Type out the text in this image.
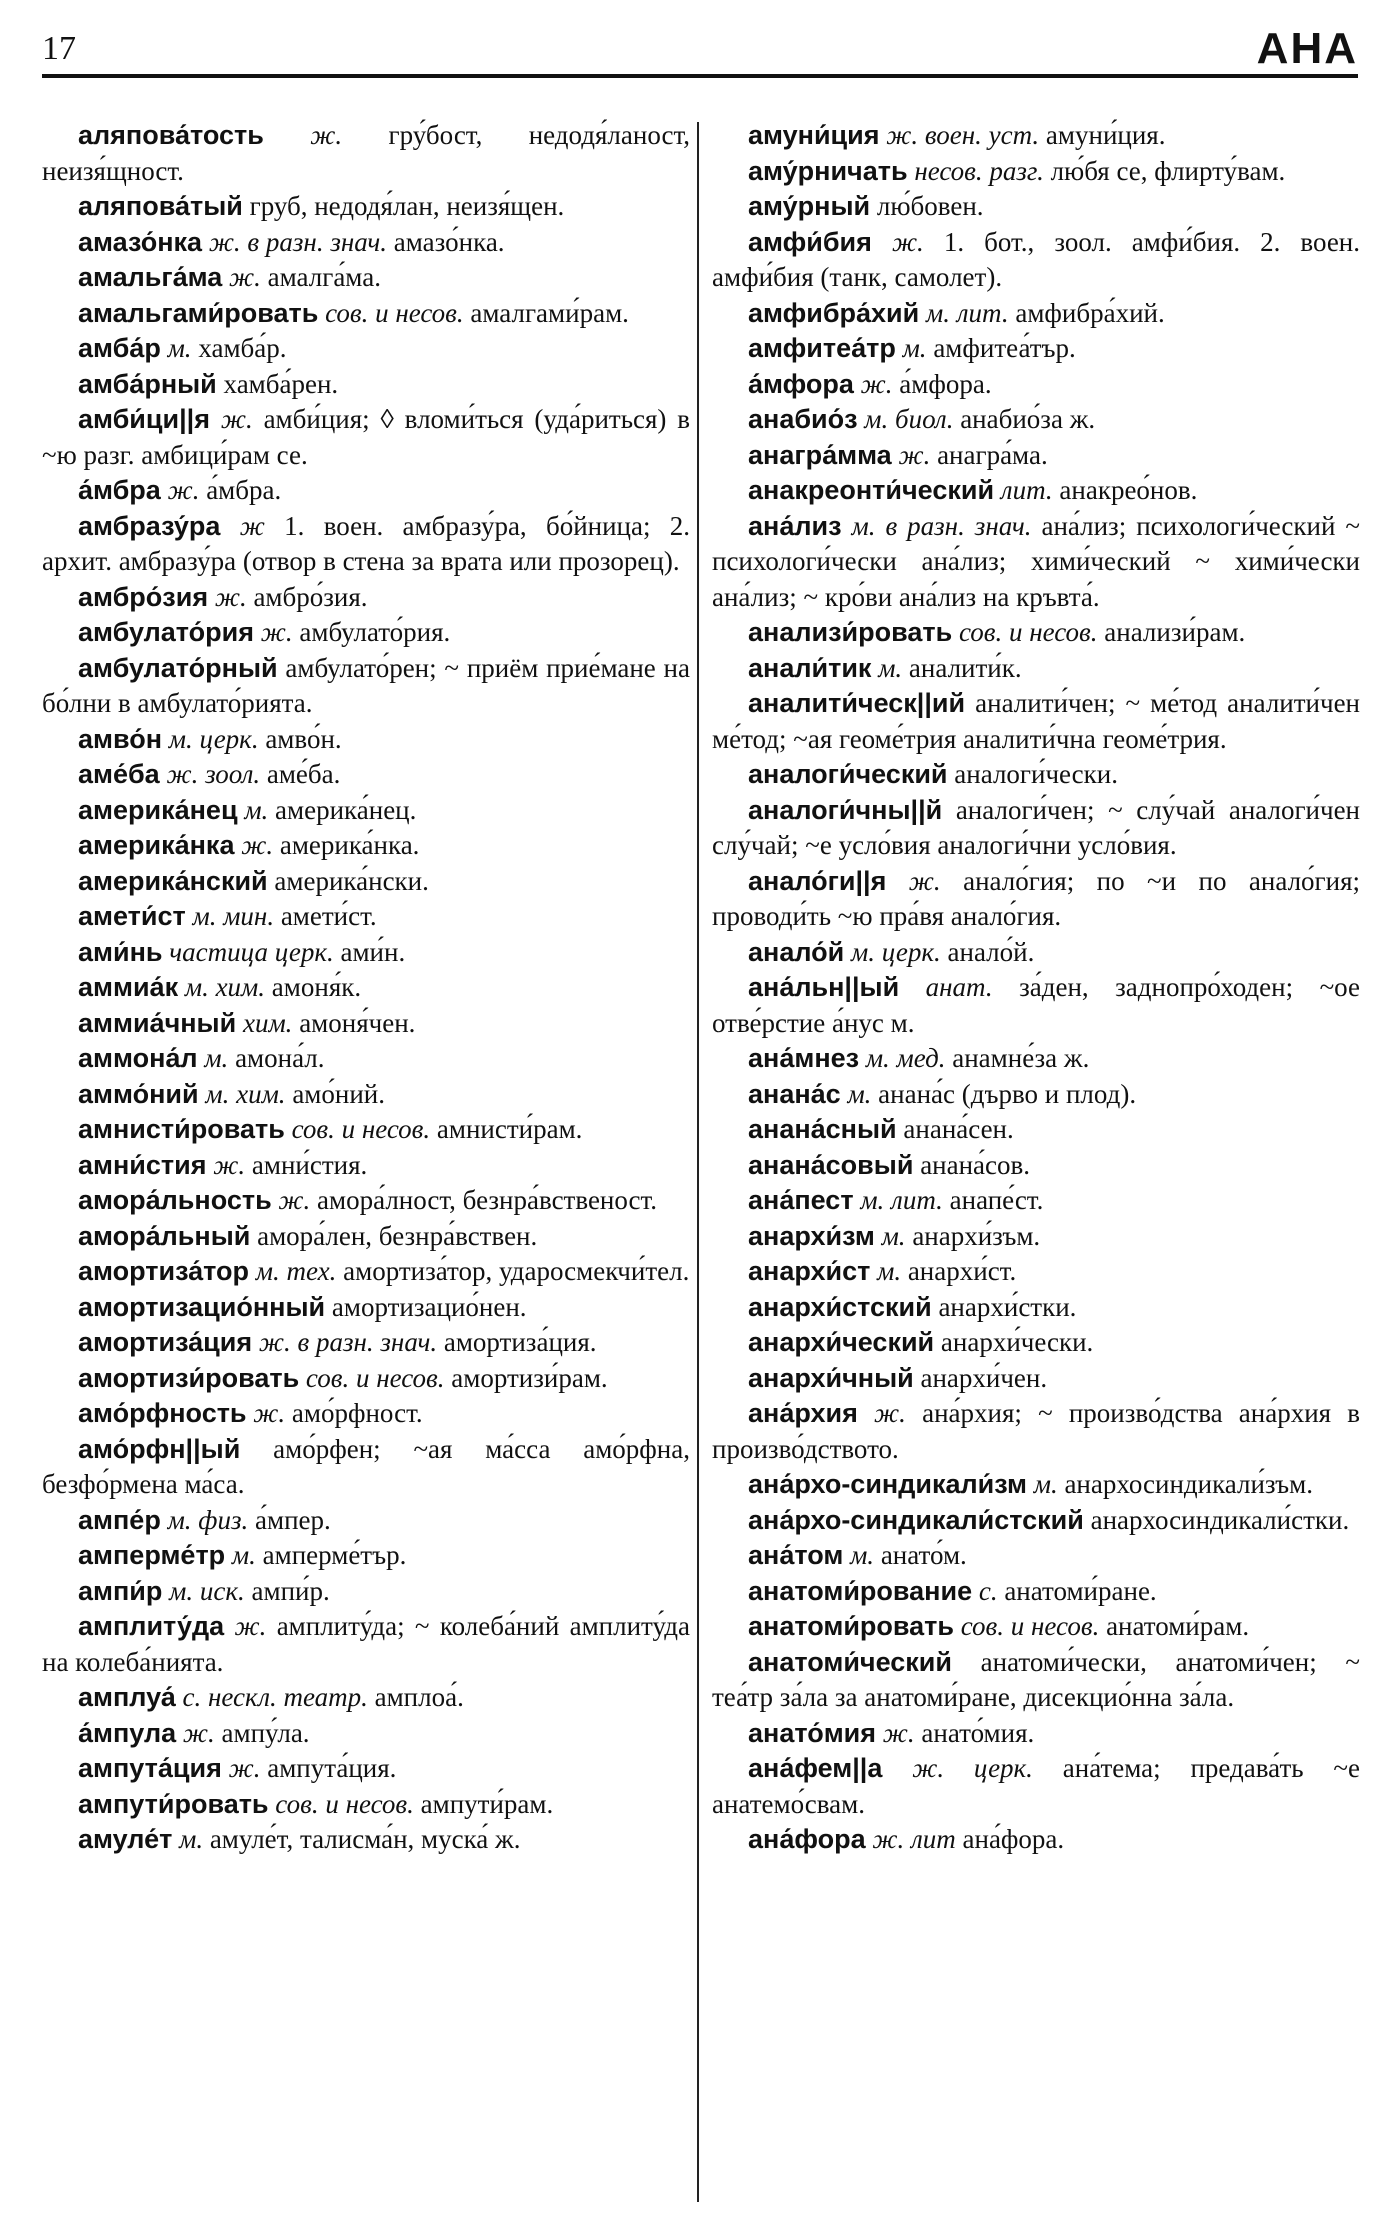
17	АНА

аляпова́тость ж. гру́бост, недодя́ланост, неизя́щност.

аляпова́тый груб, недодя́лан, неизя́щен.

амазо́нка ж. в разн. знач. амазо́нка.

амальга́ма ж. амалга́ма.

амальгами́ровать сов. и несов. амалгами́рам.

амба́р м. хамба́р.

амба́рный хамба́рен.

амби́ци||я ж. амби́ция; ◊ вломи́ться (уда́риться) в ~ю разг. амбици́рам се.

а́мбра ж. а́мбра.

амбразу́ра ж 1. воен. амбразу́ра, бо́йница; 2. архит. амбразу́ра (отвор в стена за врата или прозорец).

амбро́зия ж. амбро́зия.

амбулато́рия ж. амбулато́рия.

амбулато́рный амбулато́рен; ~ приём прие́мане на бо́лни в амбулато́рията.

амво́н м. церк. амво́н.

аме́ба ж. зоол. аме́ба.

америка́нец м. америка́нец.

америка́нка ж. америка́нка.

америка́нский америка́нски.

амети́ст м. мин. амети́ст.

ами́нь частица церк. ами́н.

аммиа́к м. хим. амоня́к.

аммиа́чный хим. амоня́чен.

аммона́л м. амона́л.

аммо́ний м. хим. амо́ний.

амнисти́ровать сов. и несов. амнисти́рам.

амни́стия ж. амни́стия.

амора́льность ж. амора́лност, безнра́вственост.

амора́льный амора́лен, безнра́вствен.

амортиза́тор м. тех. амортиза́тор, ударосмекчи́тел.

амортизацио́нный амортизацио́нен.

амортиза́ция ж. в разн. знач. амортиза́ция.

амортизи́ровать сов. и несов. амортизи́рам.

амо́рфность ж. амо́рфност.

амо́рфн||ый амо́рфен; ~ая ма́сса амо́рфна, безфо́рмена ма́са.

ампе́р м. физ. а́мпер.

амперме́тр м. амперме́тър.

ампи́р м. иск. ампи́р.

амплиту́да ж. амплиту́да; ~ колеба́ний амплиту́да на колеба́нията.

амплуа́ с. нескл. театр. амплоа́.

а́мпула ж. ампу́ла.

ампута́ция ж. ампута́ция.

ампути́ровать сов. и несов. ампути́рам.

амуле́т м. амуле́т, талисма́н, муска́ ж.

амуни́ция ж. воен. уст. амуни́ция.

аму́рничать несов. разг. лю́бя се, флирту́вам.

аму́рный лю́бовен.

амфи́бия ж. 1. бот., зоол. амфи́бия. 2. воен. амфи́бия (танк, самолет).

амфибра́хий м. лит. амфибра́хий.

амфитеа́тр м. амфитеа́тър.

а́мфора ж. а́мфора.

анабио́з м. биол. анабио́за ж.

анагра́мма ж. анагра́ма.

анакреонти́ческий лит. анакрео́нов.

ана́лиз м. в разн. знач. ана́лиз; психологи́ческий ~ психологи́чески ана́лиз; хими́ческий ~ хими́чески ана́лиз; ~ кро́ви ана́лиз на кръвта́.

анализи́ровать сов. и несов. анализи́рам.

анали́тик м. аналити́к.

аналити́ческ||ий аналити́чен; ~ ме́тод аналити́чен ме́тод; ~ая геоме́трия аналити́чна геоме́трия.

аналоги́ческий аналоги́чески.

аналоги́чны||й аналоги́чен; ~ слу́чай аналоги́чен слу́чай; ~е усло́вия аналоги́чни усло́вия.

анало́ги||я ж. анало́гия; по ~и по анало́гия; проводи́ть ~ю пра́вя анало́гия.

анало́й м. церк. анало́й.

ана́льн||ый анат. за́ден, заднопро́ходен; ~ое отве́рстие а́нус м.

ана́мнез м. мед. анамне́за ж.

анана́с м. анана́с (дърво и плод).

анана́сный анана́сен.

анана́совый анана́сов.

ана́пест м. лит. анапе́ст.

анархи́зм м. анархи́зъм.

анархи́ст м. анархи́ст.

анархи́стский анархи́стки.

анархи́ческий анархи́чески.

анархи́чный анархи́чен.

ана́рхия ж. ана́рхия; ~ произво́дства ана́рхия в произво́дството.

ана́рхо-синдикали́зм м. анархосиндикали́зъм.

ана́рхо-синдикали́стский анархосиндикали́стки.

ана́том м. анато́м.

анатоми́рование с. анатоми́ране.

анатоми́ровать сов. и несов. анатоми́рам.

анатоми́ческий анатоми́чески, анатоми́чен; ~ теа́тр за́ла за анатоми́ране, дисекцио́нна за́ла.

анато́мия ж. анато́мия.

ана́фем||а ж. церк. ана́тема; предава́ть ~е анатемо́свам.

ана́фора ж. лит ана́фора.
